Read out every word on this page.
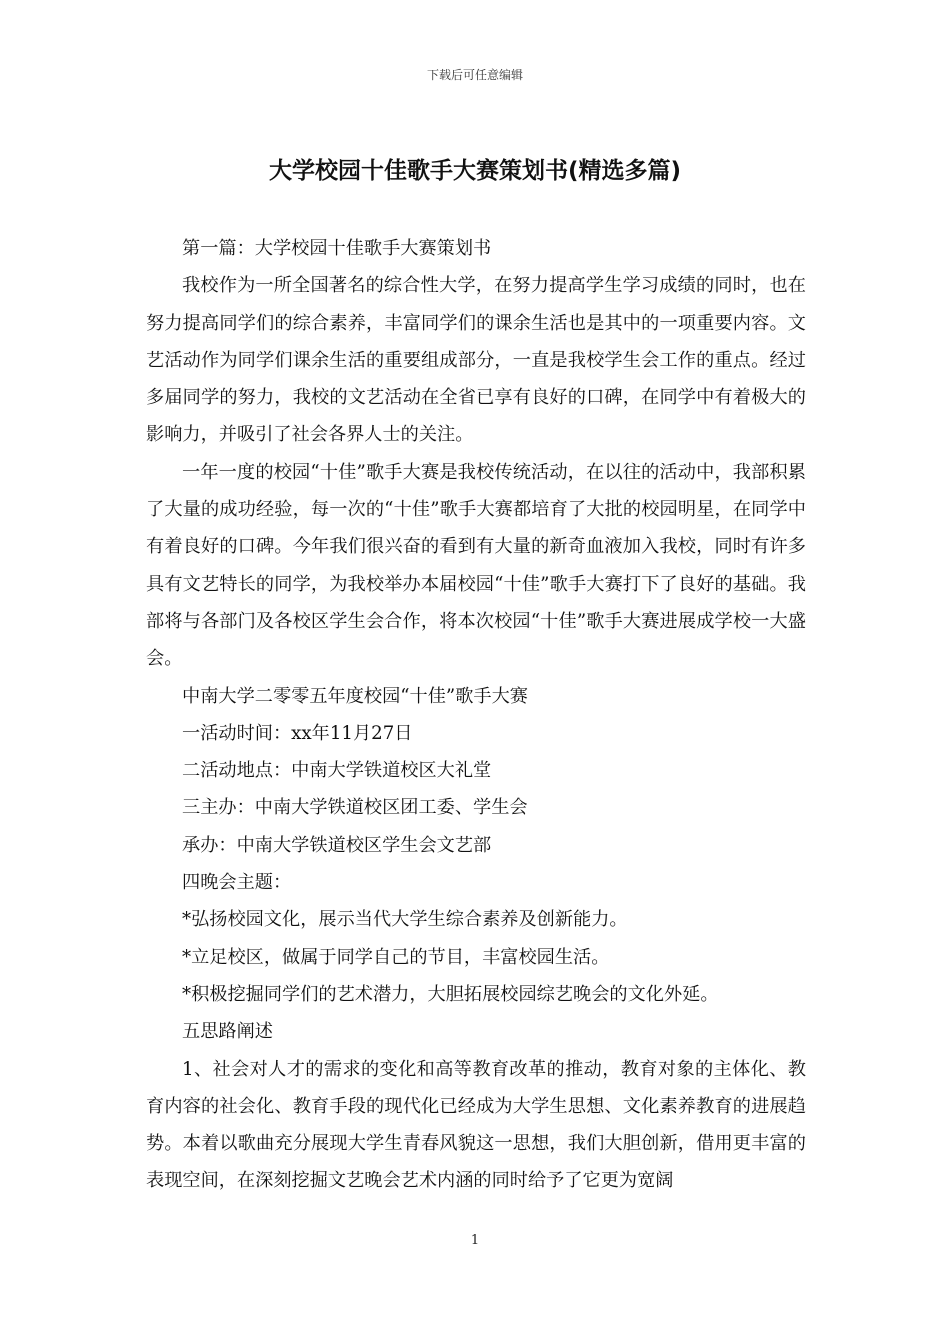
下载后可任意编辑
大学校园十佳歌手大赛策划书(精选多篇)

第一篇：大学校园十佳歌手大赛策划书

我校作为一所全国著名的综合性大学，在努力提高学生学习成绩的同时，也在努力提高同学们的综合素养，丰富同学们的课余生活也是其中的一项重要内容。文艺活动作为同学们课余生活的重要组成部分，一直是我校学生会工作的重点。经过多届同学的努力，我校的文艺活动在全省已享有良好的口碑，在同学中有着极大的影响力，并吸引了社会各界人士的关注。

一年一度的校园“十佳”歌手大赛是我校传统活动，在以往的活动中，我部积累了大量的成功经验，每一次的“十佳”歌手大赛都培育了大批的校园明星，在同学中有着良好的口碑。今年我们很兴奋的看到有大量的新奇血液加入我校，同时有许多具有文艺特长的同学，为我校举办本届校园“十佳”歌手大赛打下了良好的基础。我部将与各部门及各校区学生会合作，将本次校园“十佳”歌手大赛进展成学校一大盛会。

中南大学二零零五年度校园“十佳”歌手大赛

一活动时间：xx年11月27日

二活动地点：中南大学铁道校区大礼堂

三主办：中南大学铁道校区团工委、学生会

承办：中南大学铁道校区学生会文艺部

四晚会主题：

*弘扬校园文化，展示当代大学生综合素养及创新能力。

*立足校区，做属于同学自己的节目，丰富校园生活。

*积极挖掘同学们的艺术潜力，大胆拓展校园综艺晚会的文化外延。

五思路阐述

1、社会对人才的需求的变化和高等教育改革的推动，教育对象的主体化、教育内容的社会化、教育手段的现代化已经成为大学生思想、文化素养教育的进展趋势。本着以歌曲充分展现大学生青春风貌这一思想，我们大胆创新，借用更丰富的表现空间，在深刻挖掘文艺晚会艺术内涵的同时给予了它更为宽阔

1
